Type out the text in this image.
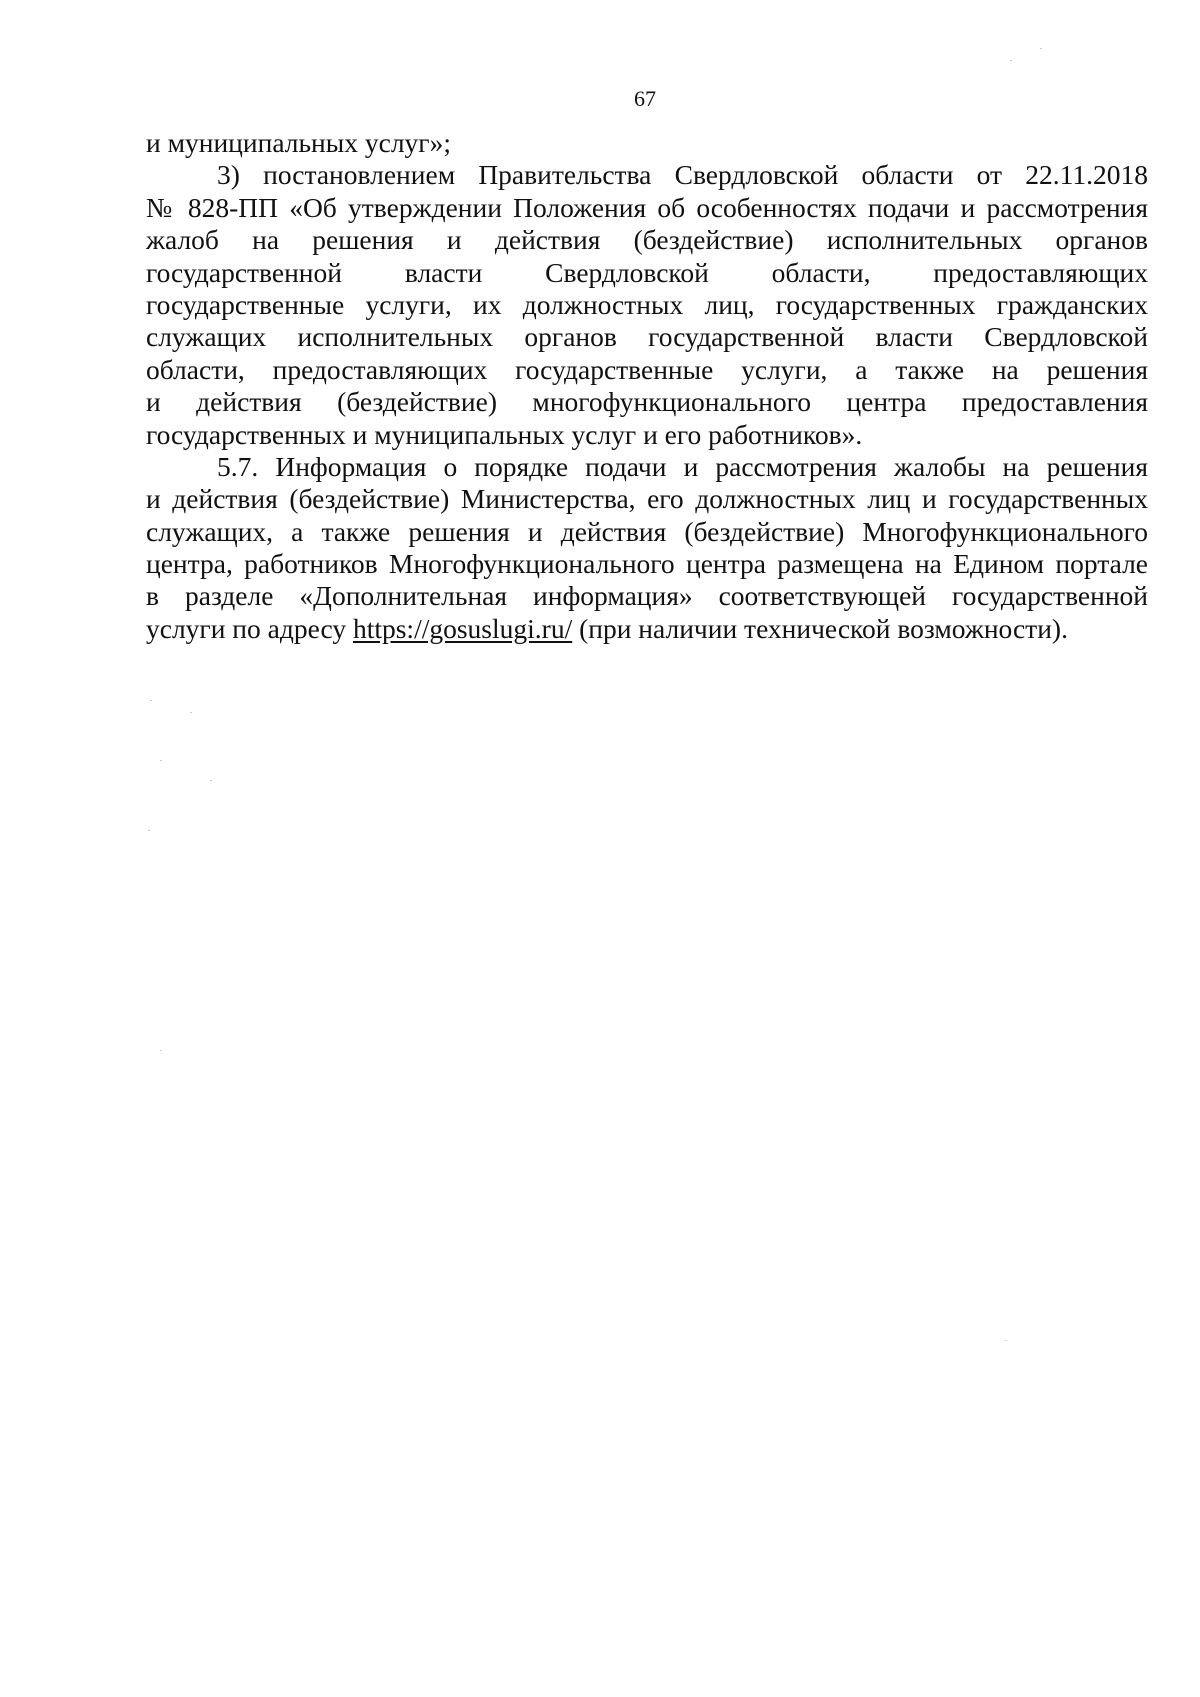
67
и муниципальных услуг»;
3) постановлением Правительства Свердловской области от 22.11.2018
№ 828-ПП «Об утверждении Положения об особенностях подачи и рассмотрения
жалоб на решения и действия (бездействие) исполнительных органов
государственной власти Свердловской области, предоставляющих
государственные услуги, их должностных лиц, государственных гражданских
служащих исполнительных органов государственной власти Свердловской
области, предоставляющих государственные услуги, а также на решения
и действия (бездействие) многофункционального центра предоставления
государственных и муниципальных услуг и его работников».
5.7. Информация о порядке подачи и рассмотрения жалобы на решения
и действия (бездействие) Министерства, его должностных лиц и государственных
служащих, а также решения и действия (бездействие) Многофункционального
центра, работников Многофункционального центра размещена на Едином портале
в разделе «Дополнительная информация» соответствующей государственной
услуги по адресу https://gosuslugi.ru/ (при наличии технической возможности).
